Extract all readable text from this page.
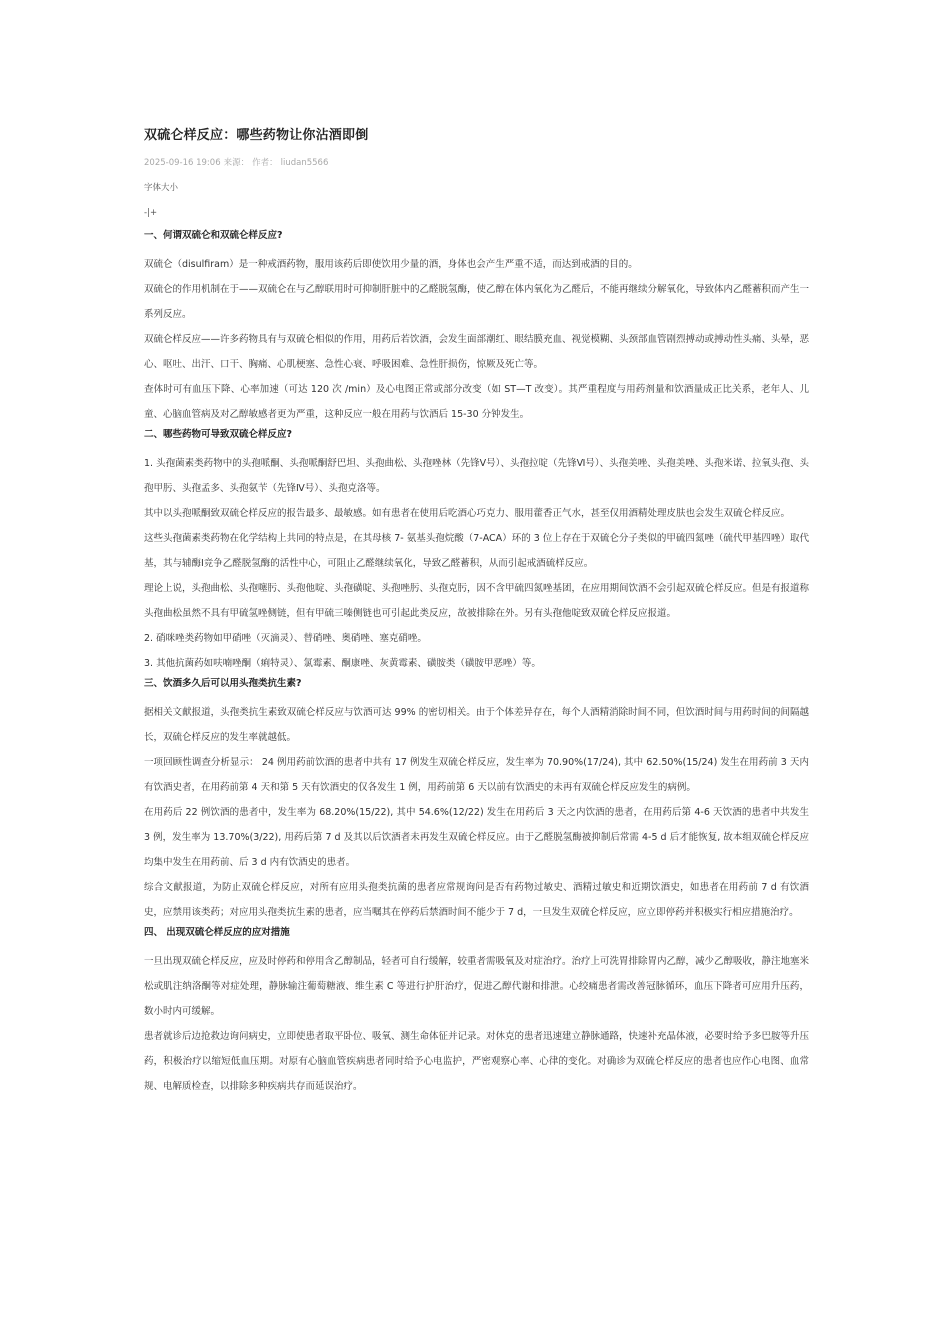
双硫仑样反应：哪些药物让你沾酒即倒
2025-09-16 19:06 来源： 作者： liudan5566
字体大小
-|+
一、何谓双硫仑和双硫仑样反应?
双硫仑（disulfiram）是一种戒酒药物，服用该药后即使饮用少量的酒，身体也会产生严重不适，而达到戒酒的目的。
双硫仑的作用机制在于——双硫仑在与乙醇联用时可抑制肝脏中的乙醛脱氢酶，使乙醇在体内氧化为乙醛后，不能再继续分解氧化，导致体内乙醛蓄积而产生一系列反应。
双硫仑样反应——许多药物具有与双硫仑相似的作用，用药后若饮酒，会发生面部潮红、眼结膜充血、视觉模糊、头颈部血管剧烈搏动或搏动性头痛、头晕，恶心、呕吐、出汗、口干、胸痛、心肌梗塞、急性心衰、呼吸困难、急性肝损伤，惊厥及死亡等。
查体时可有血压下降、心率加速（可达 120 次 /min）及心电图正常或部分改变（如 ST—T 改变）。其严重程度与用药剂量和饮酒量成正比关系，老年人、儿童、心脑血管病及对乙醇敏感者更为严重，这种反应一般在用药与饮酒后 15-30 分钟发生。
二、哪些药物可导致双硫仑样反应?
1. 头孢菌素类药物中的头孢哌酮、头孢哌酮舒巴坦、头孢曲松、头孢唑林（先锋Ⅴ号）、头孢拉啶（先锋Ⅵ号）、头孢美唑、头孢美唑、头孢米诺、拉氧头孢、头孢甲肟、头孢孟多、头孢氨苄（先锋Ⅳ号）、头孢克洛等。
其中以头孢哌酮致双硫仑样反应的报告最多、最敏感。如有患者在使用后吃酒心巧克力、服用藿香正气水，甚至仅用酒精处理皮肤也会发生双硫仑样反应。
这些头孢菌素类药物在化学结构上共同的特点是，在其母核 7- 氨基头孢烷酸（7-ACA）环的 3 位上存在于双硫仑分子类似的甲硫四氮唑（硫代甲基四唑）取代基，其与辅酶Ⅰ竞争乙醛脱氢酶的活性中心，可阻止乙醛继续氧化，导致乙醛蓄积，从而引起戒酒硫样反应。
理论上说，头孢曲松、头孢噻肟、头孢他啶、头孢磺啶、头孢唑肟、头孢克肟，因不含甲硫四氮唑基团，在应用期间饮酒不会引起双硫仑样反应。但是有报道称头孢曲松虽然不具有甲硫氢唑侧链，但有甲硫三嗪侧链也可引起此类反应，故被排除在外。另有头孢他啶致双硫仑样反应报道。
2. 硝咪唑类药物如甲硝唑（灭滴灵）、替硝唑、奥硝唑、塞克硝唑。
3. 其他抗菌药如呋喃唑酮（痢特灵）、氯霉素、酮康唑、灰黄霉素、磺胺类（磺胺甲恶唑）等。
三、饮酒多久后可以用头孢类抗生素?
据相关文献报道，头孢类抗生素致双硫仑样反应与饮酒可达 99% 的密切相关。由于个体差异存在，每个人酒精消除时间不同，但饮酒时间与用药时间的间隔越长，双硫仑样反应的发生率就越低。
一项回顾性调查分析显示： 24 例用药前饮酒的患者中共有 17 例发生双硫仑样反应，发生率为 70.90%(17/24), 其中 62.50%(15/24) 发生在用药前 3 天内有饮酒史者，在用药前第 4 天和第 5 天有饮酒史的仅各发生 1 例，用药前第 6 天以前有饮酒史的未再有双硫仑样反应发生的病例。
在用药后 22 例饮酒的患者中，发生率为 68.20%(15/22), 其中 54.6%(12/22) 发生在用药后 3 天之内饮酒的患者，在用药后第 4-6 天饮酒的患者中共发生 3 例，发生率为 13.70%(3/22), 用药后第 7 d 及其以后饮酒者未再发生双硫仑样反应。由于乙醛脱氢酶被抑制后常需 4-5 d 后才能恢复, 故本组双硫仑样反应均集中发生在用药前、后 3 d 内有饮酒史的患者。
综合文献报道，为防止双硫仑样反应，对所有应用头孢类抗菌的患者应常规询问是否有药物过敏史、酒精过敏史和近期饮酒史，如患者在用药前 7 d 有饮酒史，应禁用该类药；对应用头孢类抗生素的患者，应当嘱其在停药后禁酒时间不能少于 7 d，一旦发生双硫仑样反应，应立即停药并积极实行相应措施治疗。
四、 出现双硫仑样反应的应对措施
一旦出现双硫仑样反应，应及时停药和停用含乙醇制品，轻者可自行缓解，较重者需吸氧及对症治疗。治疗上可洗胃排除胃内乙醇，减少乙醇吸收，静注地塞米松或肌注纳洛酮等对症处理，静脉输注葡萄糖液、维生素 C 等进行护肝治疗，促进乙醇代谢和排泄。心绞痛患者需改善冠脉循环，血压下降者可应用升压药，数小时内可缓解。
患者就诊后边抢救边询问病史，立即使患者取平卧位、吸氧、测生命体征并记录。对休克的患者迅速建立静脉通路，快速补充晶体液，必要时给予多巴胺等升压药，积极治疗以缩短低血压期。对原有心脑血管疾病患者同时给予心电监护，严密观察心率、心律的变化。对确诊为双硫仑样反应的患者也应作心电图、血常规、电解质检查，以排除多种疾病共存而延误治疗。
